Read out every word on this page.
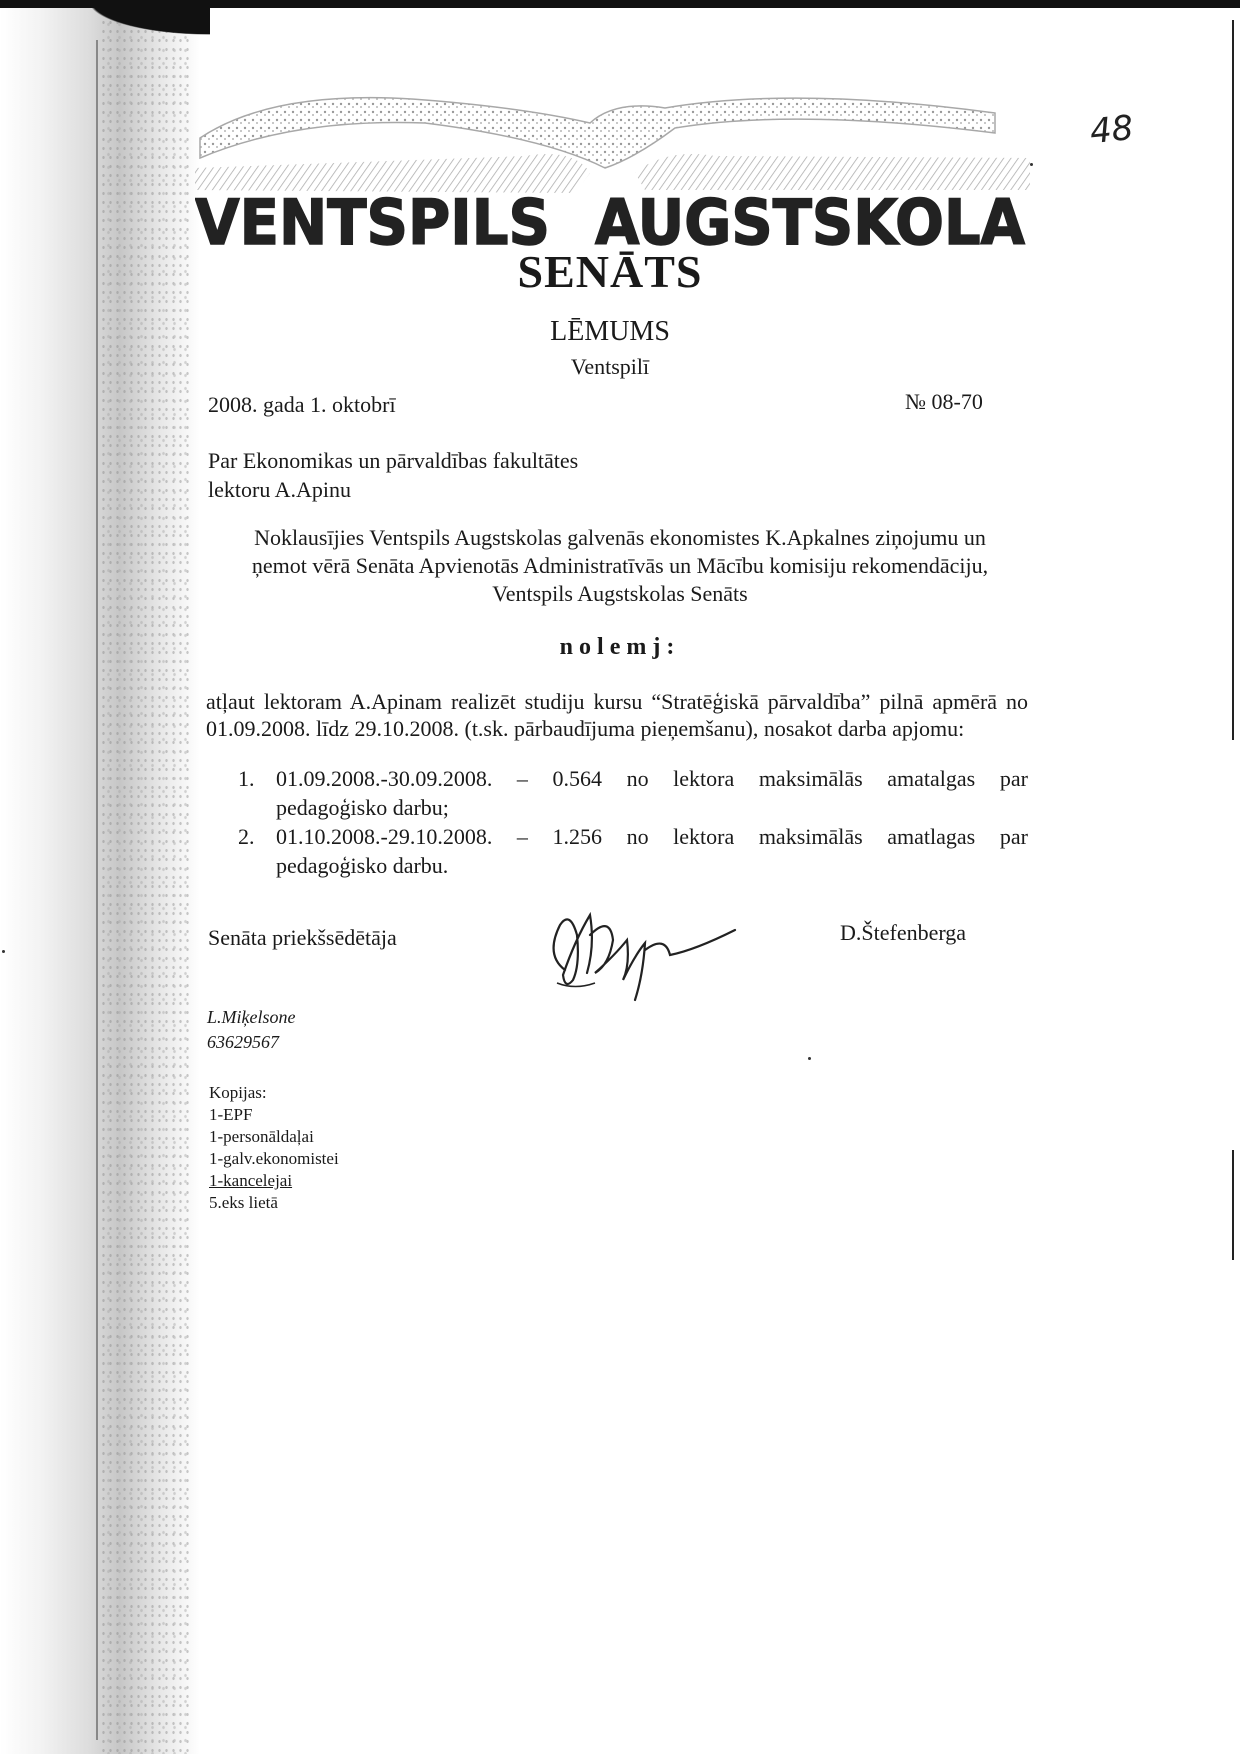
48
VENTSPILS AUGSTSKOLA
SENĀTS
LĒMUMS
Ventspilī
2008. gada 1. oktobrī	№ 08-70
Par Ekonomikas un pārvaldības fakultātes
lektoru A.Apinu
Noklausījies Ventspils Augstskolas galvenās ekonomistes K.Apkalnes ziņojumu un
ņemot vērā Senāta Apvienotās Administratīvās un Mācību komisiju rekomendāciju,
Ventspils Augstskolas Senāts
nolemj:
atļaut lektoram A.Apinam realizēt studiju kursu “Stratēģiskā pārvaldība” pilnā apmērā no 01.09.2008. līdz 29.10.2008. (t.sk. pārbaudījuma pieņemšanu), nosakot darba apjomu:
1. 01.09.2008.-30.09.2008. – 0.564 no lektora maksimālās amatalgas par
pedagoģisko darbu;
2. 01.10.2008.-29.10.2008. – 1.256 no lektora maksimālās amatlagas par
pedagoģisko darbu.
Senāta priekšsēdētāja	D.Štefenberga
L.Miķelsone
63629567
Kopijas:
1-EPF
1-personāldaļai
1-galv.ekonomistei
1-kancelejai
5.eks lietā
